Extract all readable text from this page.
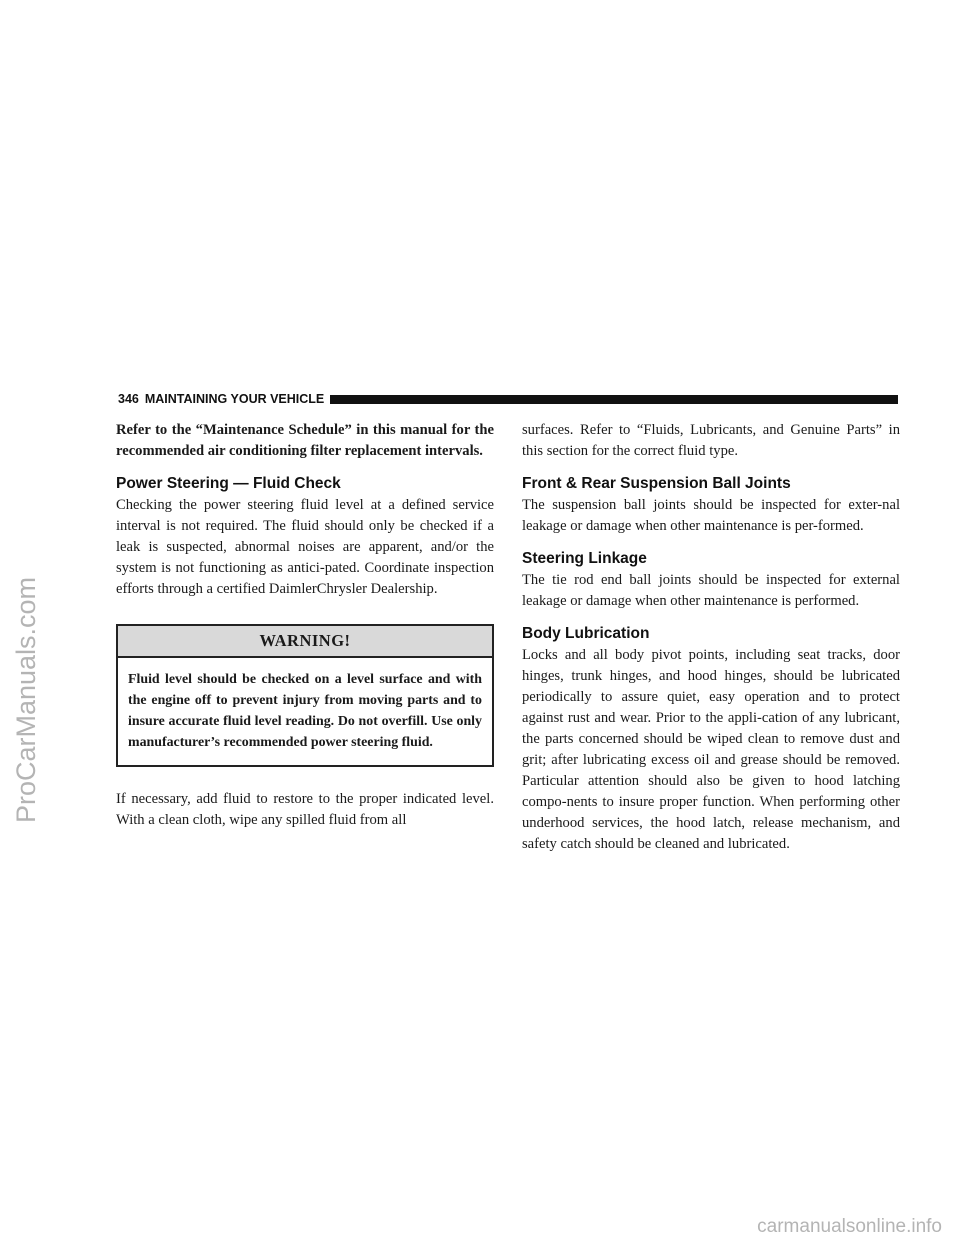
346 MAINTAINING YOUR VEHICLE

Refer to the “Maintenance Schedule” in this manual for the recommended air conditioning filter replacement intervals.

Power Steering — Fluid Check

Checking the power steering fluid level at a defined service interval is not required. The fluid should only be checked if a leak is suspected, abnormal noises are apparent, and/or the system is not functioning as antici-pated. Coordinate inspection efforts through a certified DaimlerChrysler Dealership.

WARNING!

Fluid level should be checked on a level surface and with the engine off to prevent injury from moving parts and to insure accurate fluid level reading. Do not overfill. Use only manufacturer’s recommended power steering fluid.

If necessary, add fluid to restore to the proper indicated level. With a clean cloth, wipe any spilled fluid from all

surfaces. Refer to “Fluids, Lubricants, and Genuine Parts” in this section for the correct fluid type.

Front & Rear Suspension Ball Joints

The suspension ball joints should be inspected for exter-nal leakage or damage when other maintenance is per-formed.

Steering Linkage

The tie rod end ball joints should be inspected for external leakage or damage when other maintenance is performed.

Body Lubrication

Locks and all body pivot points, including seat tracks, door hinges, trunk hinges, and hood hinges, should be lubricated periodically to assure quiet, easy operation and to protect against rust and wear. Prior to the appli-cation of any lubricant, the parts concerned should be wiped clean to remove dust and grit; after lubricating excess oil and grease should be removed. Particular attention should also be given to hood latching compo-nents to insure proper function. When performing other underhood services, the hood latch, release mechanism, and safety catch should be cleaned and lubricated.

ProCarManuals.com
carmanualsonline.info
